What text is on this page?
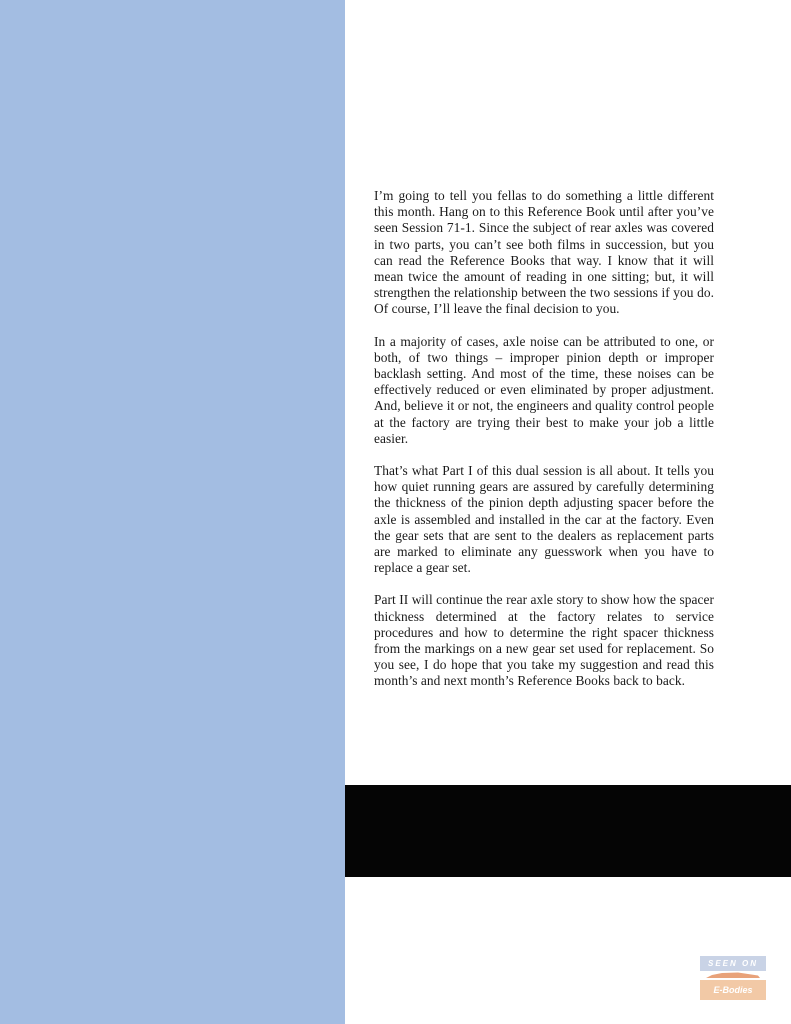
I’m going to tell you fellas to do something a little different this month. Hang on to this Reference Book until after you’ve seen Session 71-1. Since the subject of rear axles was covered in two parts, you can’t see both films in succession, but you can read the Reference Books that way. I know that it will mean twice the amount of reading in one sitting; but, it will strengthen the relationship between the two sessions if you do. Of course, I’ll leave the final decision to you.

In a majority of cases, axle noise can be attributed to one, or both, of two things – improper pinion depth or improper backlash setting. And most of the time, these noises can be effectively reduced or even eliminated by proper adjustment. And, believe it or not, the engineers and quality control people at the factory are trying their best to make your job a little easier.

That’s what Part I of this dual session is all about. It tells you how quiet running gears are assured by carefully determining the thickness of the pinion depth adjusting spacer before the axle is assembled and installed in the car at the factory. Even the gear sets that are sent to the dealers as replacement parts are marked to eliminate any guesswork when you have to replace a gear set.

Part II will continue the rear axle story to show how the spacer thickness determined at the factory relates to service procedures and how to determine the right spacer thickness from the markings on a new gear set used for replacement. So you see, I do hope that you take my suggestion and read this month’s and next month’s Reference Books back to back.

SEEN ON
E-Bodies
